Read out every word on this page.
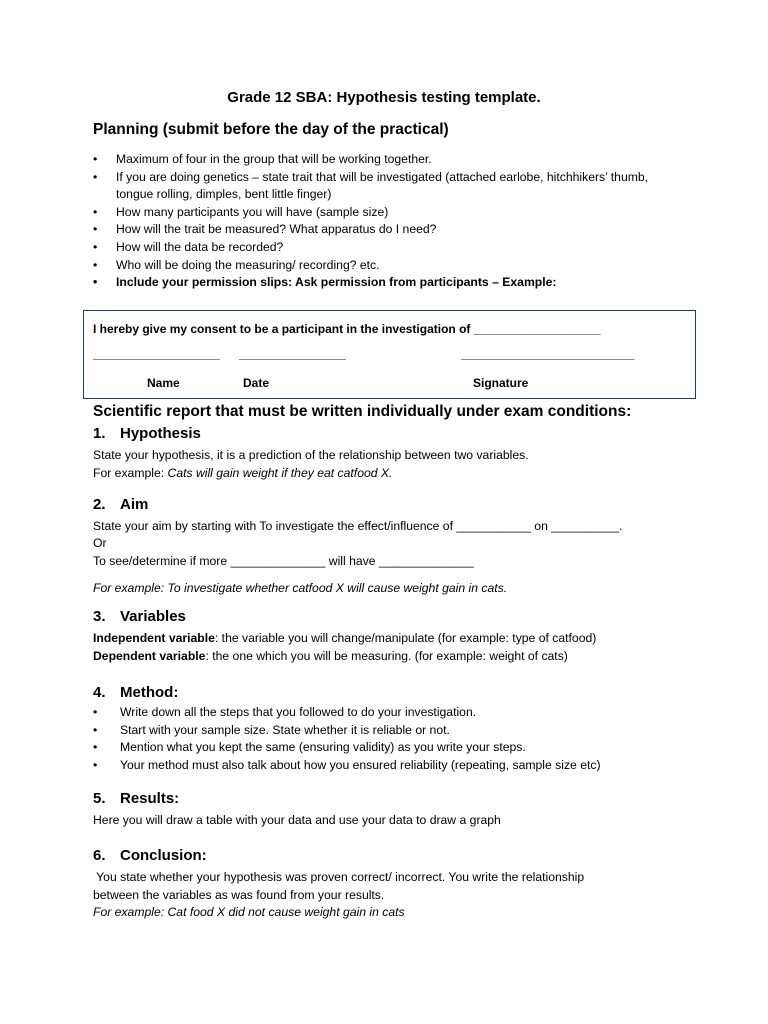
Grade 12 SBA: Hypothesis testing template.
Planning (submit before the day of the practical)
• Maximum of four in the group that will be working together.
• If you are doing genetics – state trait that will be investigated (attached earlobe, hitchhikers’ thumb, tongue rolling, dimples, bent little finger)
• How many participants you will have (sample size)
• How will the trait be measured? What apparatus do I need?
• How will the data be recorded?
• Who will be doing the measuring/ recording? etc.
• Include your permission slips: Ask permission from participants – Example:
I hereby give my consent to be a participant in the investigation of ___________________
___________________ ________________	__________________________
Name	Date	Signature
Scientific report that must be written individually under exam conditions:
1. Hypothesis
State your hypothesis, it is a prediction of the relationship between two variables.
For example: Cats will gain weight if they eat catfood X.
2. Aim
State your aim by starting with To investigate the effect/influence of ___________ on __________.
Or
To see/determine if more ______________ will have ______________
For example: To investigate whether catfood X will cause weight gain in cats.
3. Variables
Independent variable: the variable you will change/manipulate (for example: type of catfood)
Dependent variable: the one which you will be measuring. (for example: weight of cats)
4. Method:
• Write down all the steps that you followed to do your investigation.
• Start with your sample size. State whether it is reliable or not.
• Mention what you kept the same (ensuring validity) as you write your steps.
• Your method must also talk about how you ensured reliability (repeating, sample size etc)
5. Results:
Here you will draw a table with your data and use your data to draw a graph
6. Conclusion:
You state whether your hypothesis was proven correct/ incorrect. You write the relationship
between the variables as was found from your results.
For example: Cat food X did not cause weight gain in cats
